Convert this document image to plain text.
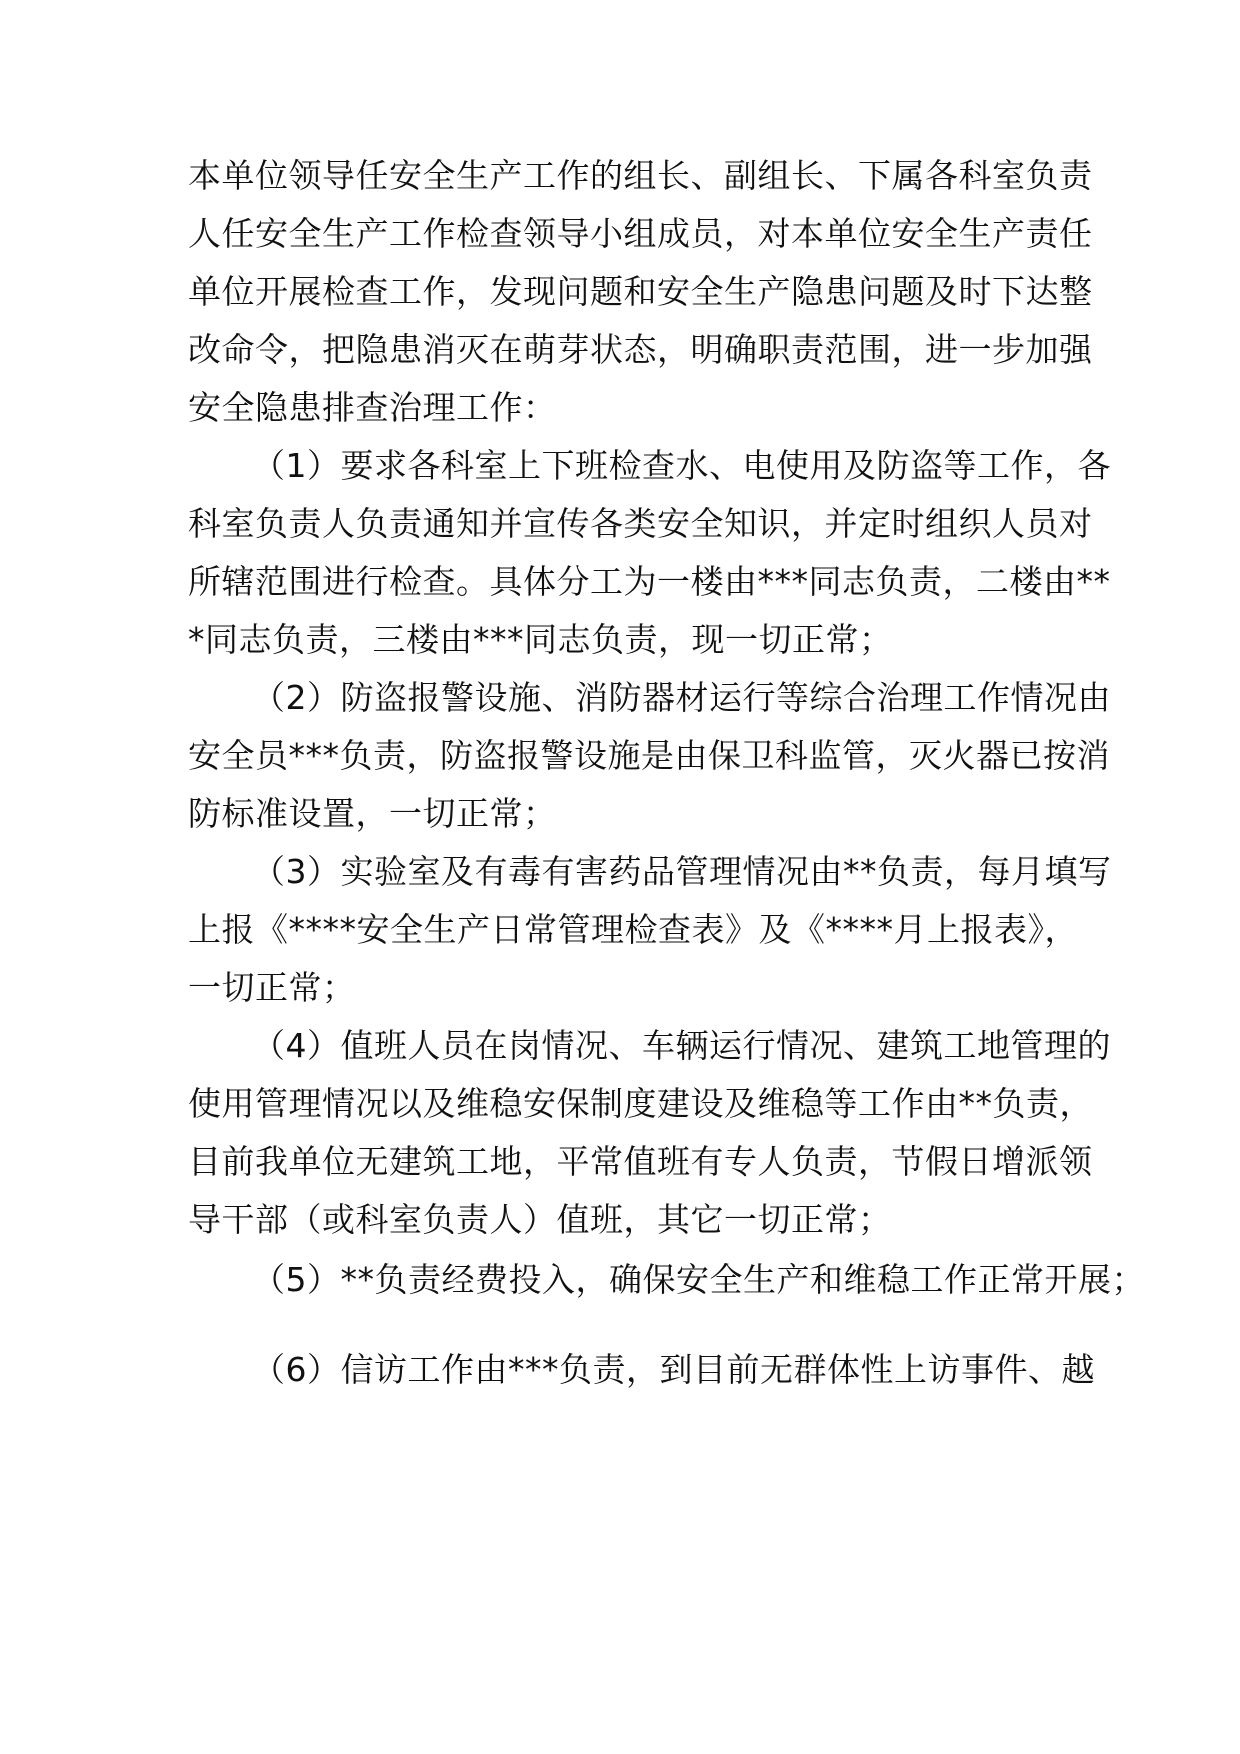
本单位领导任安全生产工作的组长、副组长、下属各科室负责
人任安全生产工作检查领导小组成员，对本单位安全生产责任
单位开展检查工作，发现问题和安全生产隐患问题及时下达整
改命令，把隐患消灭在萌芽状态，明确职责范围，进一步加强
安全隐患排查治理工作：
（1）要求各科室上下班检查水、电使用及防盗等工作，各
科室负责人负责通知并宣传各类安全知识，并定时组织人员对
所辖范围进行检查。具体分工为一楼由***同志负责，二楼由**
*同志负责，三楼由***同志负责，现一切正常；
（2）防盗报警设施、消防器材运行等综合治理工作情况由
安全员***负责，防盗报警设施是由保卫科监管，灭火器已按消
防标准设置，一切正常；
（3）实验室及有毒有害药品管理情况由**负责，每月填写
上报《****安全生产日常管理检查表》及《****月上报表》，
一切正常；
（4）值班人员在岗情况、车辆运行情况、建筑工地管理的
使用管理情况以及维稳安保制度建设及维稳等工作由**负责，
目前我单位无建筑工地，平常值班有专人负责，节假日增派领
导干部（或科室负责人）值班，其它一切正常；
（5）**负责经费投入，确保安全生产和维稳工作正常开展；
（6）信访工作由***负责，到目前无群体性上访事件、越
